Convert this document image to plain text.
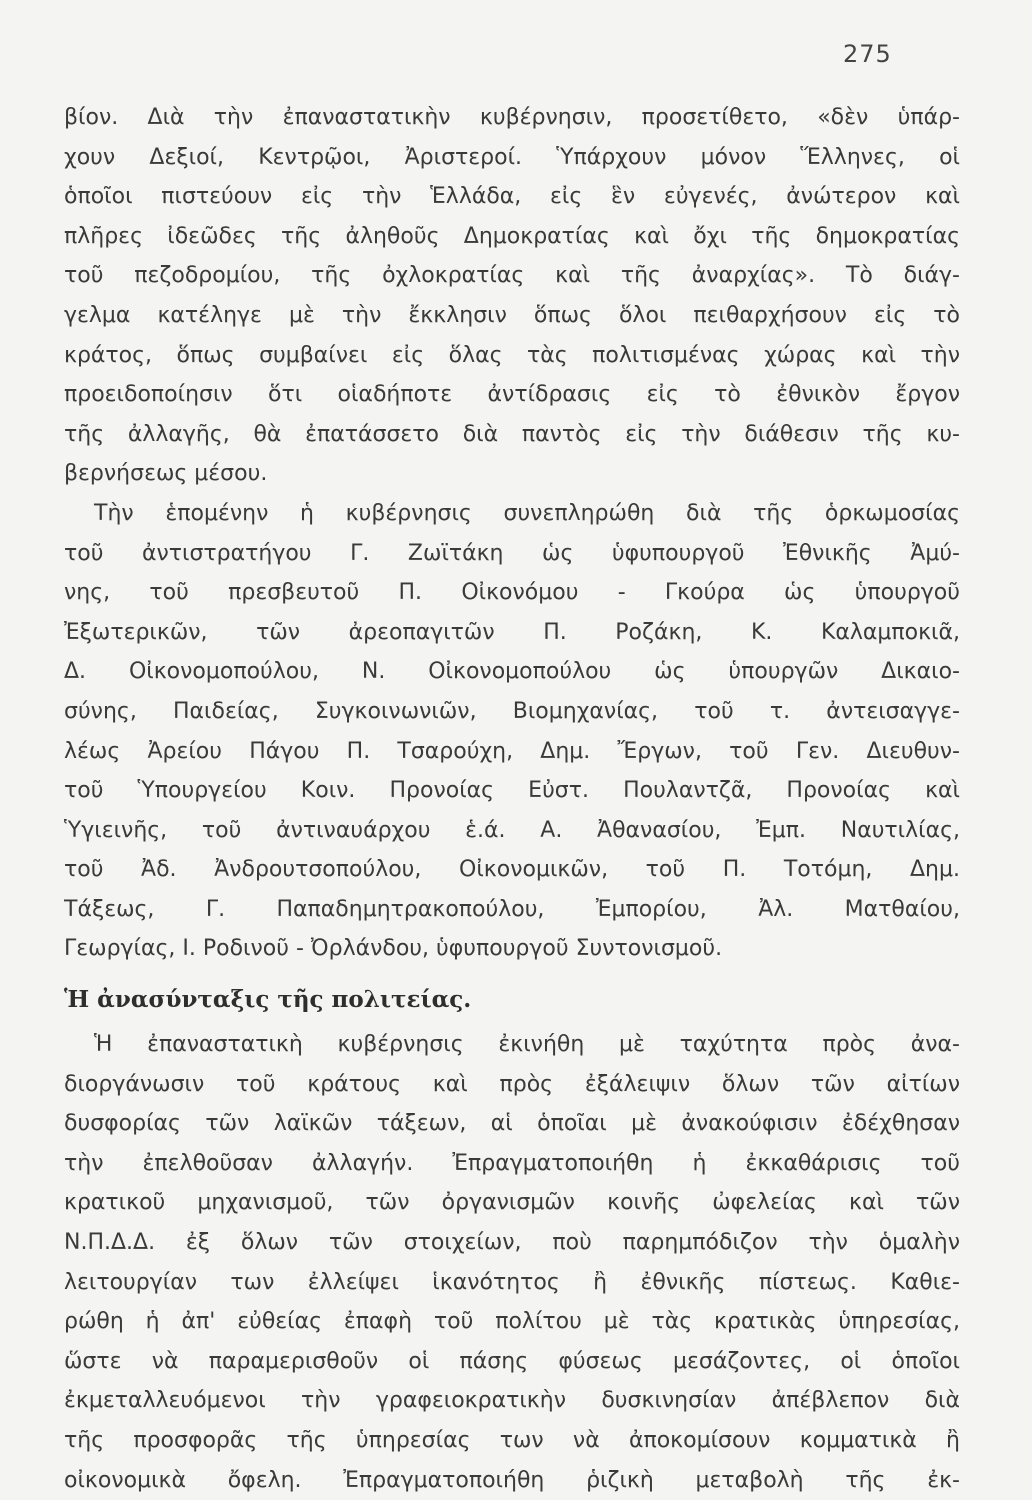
275
βίον. Διὰ τὴν ἐπαναστατικὴν κυβέρνησιν, προσετίθετο, «δὲν ὑπάρ-
χουν Δεξιοί, Κεντρῷοι, Ἀριστεροί. Ὑπάρχουν μόνον Ἕλληνες, οἱ
ὁποῖοι πιστεύουν εἰς τὴν Ἑλλάδα, εἰς ἓν εὐγενές, ἀνώτερον καὶ
πλῆρες ἰδεῶδες τῆς ἀληθοῦς Δημοκρατίας καὶ ὄχι τῆς δημοκρατίας
τοῦ πεζοδρομίου, τῆς ὀχλοκρατίας καὶ τῆς ἀναρχίας». Τὸ διάγ-
γελμα κατέληγε μὲ τὴν ἔκκλησιν ὅπως ὅλοι πειθαρχήσουν εἰς τὸ
κράτος, ὅπως συμβαίνει εἰς ὅλας τὰς πολιτισμένας χώρας καὶ τὴν
προειδοποίησιν ὅτι οἱαδήποτε ἀντίδρασις εἰς τὸ ἐθνικὸν ἔργον
τῆς ἀλλαγῆς, θὰ ἐπατάσσετο διὰ παντὸς εἰς τὴν διάθεσιν τῆς κυ-
βερνήσεως μέσου.
Τὴν ἑπομένην ἡ κυβέρνησις συνεπληρώθη διὰ τῆς ὁρκωμοσίας
τοῦ ἀντιστρατήγου Γ. Ζωϊτάκη ὡς ὑφυπουργοῦ Ἐθνικῆς Ἀμύ-
νης, τοῦ πρεσβευτοῦ Π. Οἰκονόμου - Γκούρα ὡς ὑπουργοῦ
Ἐξωτερικῶν, τῶν ἀρεοπαγιτῶν Π. Ροζάκη, Κ. Καλαμποκιᾶ,
Δ. Οἰκονομοπούλου, Ν. Οἰκονομοπούλου ὡς ὑπουργῶν Δικαιο-
σύνης, Παιδείας, Συγκοινωνιῶν, Βιομηχανίας, τοῦ τ. ἀντεισαγγε-
λέως Ἀρείου Πάγου Π. Τσαρούχη, Δημ. Ἔργων, τοῦ Γεν. Διευθυν-
τοῦ Ὑπουργείου Κοιν. Προνοίας Εὐστ. Πουλαντζᾶ, Προνοίας καὶ
Ὑγιεινῆς, τοῦ ἀντιναυάρχου ἑ.ά. Α. Ἀθανασίου, Ἐμπ. Ναυτιλίας,
τοῦ Ἀδ. Ἀνδρουτσοπούλου, Οἰκονομικῶν, τοῦ Π. Τοτόμη, Δημ.
Τάξεως, Γ. Παπαδημητρακοπούλου, Ἐμπορίου, Ἀλ. Ματθαίου,
Γεωργίας, Ι. Ροδινοῦ - Ὀρλάνδου, ὑφυπουργοῦ Συντονισμοῦ.
Ἡ ἀνασύνταξις τῆς πολιτείας.
Ἡ ἐπαναστατικὴ κυβέρνησις ἐκινήθη μὲ ταχύτητα πρὸς ἀνα-
διοργάνωσιν τοῦ κράτους καὶ πρὸς ἐξάλειψιν ὅλων τῶν αἰτίων
δυσφορίας τῶν λαϊκῶν τάξεων, αἱ ὁποῖαι μὲ ἀνακούφισιν ἐδέχθησαν
τὴν ἐπελθοῦσαν ἀλλαγήν. Ἐπραγματοποιήθη ἡ ἐκκαθάρισις τοῦ
κρατικοῦ μηχανισμοῦ, τῶν ὀργανισμῶν κοινῆς ὠφελείας καὶ τῶν
Ν.Π.Δ.Δ. ἐξ ὅλων τῶν στοιχείων, ποὺ παρημπόδιζον τὴν ὁμαλὴν
λειτουργίαν των ἐλλείψει ἱκανότητος ἢ ἐθνικῆς πίστεως. Καθιε-
ρώθη ἡ ἀπ' εὐθείας ἐπαφὴ τοῦ πολίτου μὲ τὰς κρατικὰς ὑπηρεσίας,
ὥστε νὰ παραμερισθοῦν οἱ πάσης φύσεως μεσάζοντες, οἱ ὁποῖοι
ἐκμεταλλευόμενοι τὴν γραφειοκρατικὴν δυσκινησίαν ἀπέβλεπον διὰ
τῆς προσφορᾶς τῆς ὑπηρεσίας των νὰ ἀποκομίσουν κομματικὰ ἢ
οἰκονομικὰ ὄφελη. Ἐπραγματοποιήθη ῥιζικὴ μεταβολὴ τῆς ἐκ-
